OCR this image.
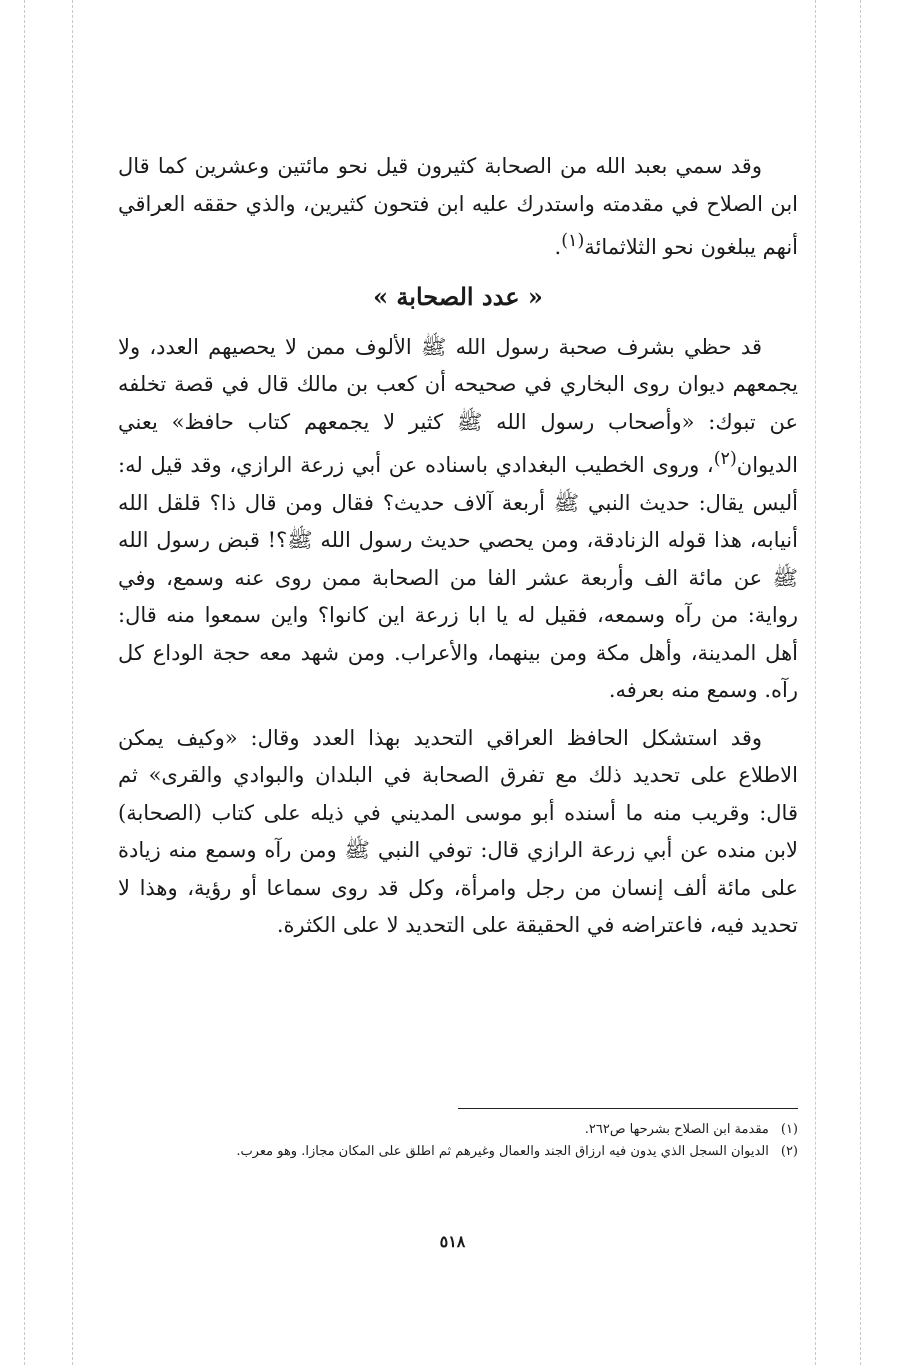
وقد سمي بعبد الله من الصحابة كثيرون قيل نحو مائتين وعشرين كما قال ابن الصلاح في مقدمته واستدرك عليه ابن فتحون كثيرين، والذي حققه العراقي أنهم يبلغون نحو الثلاثمائة$^{(١)}$.

« عدد الصحابة »

قد حظي بشرف صحبة رسول الله ﷺ الألوف ممن لا يحصيهم العدد، ولا يجمعهم ديوان روى البخاري في صحيحه أن كعب بن مالك قال في قصة تخلفه عن تبوك: «وأصحاب رسول الله ﷺ كثير لا يجمعهم كتاب حافظ» يعني الديوان$^{(٢)}$، وروى الخطيب البغدادي باسناده عن أبي زرعة الرازي، وقد قيل له: أليس يقال: حديث النبي ﷺ أربعة آلاف حديث؟ فقال ومن قال ذا؟ قلقل الله أنيابه، هذا قوله الزنادقة، ومن يحصي حديث رسول الله ﷺ؟! قبض رسول الله ﷺ عن مائة الف وأربعة عشر الفا من الصحابة ممن روى عنه وسمع، وفي رواية: من رآه وسمعه، فقيل له يا ابا زرعة اين كانوا؟ واين سمعوا منه قال: أهل المدينة، وأهل مكة ومن بينهما، والأعراب. ومن شهد معه حجة الوداع كل رآه. وسمع منه بعرفه.

وقد استشكل الحافظ العراقي التحديد بهذا العدد وقال: «وكيف يمكن الاطلاع على تحديد ذلك مع تفرق الصحابة في البلدان والبوادي والقرى» ثم قال: وقريب منه ما أسنده أبو موسى المديني في ذيله على كتاب (الصحابة) لابن منده عن أبي زرعة الرازي قال: توفي النبي ﷺ ومن رآه وسمع منه زيادة على مائة ألف إنسان من رجل وامرأة، وكل قد روى سماعا أو رؤية، وهذا لا تحديد فيه، فاعتراضه في الحقيقة على التحديد لا على الكثرة.

(١)مقدمة ابن الصلاح بشرحها ص٢٦٢.

(٢)الديوان السجل الذي يدون فيه ارزاق الجند والعمال وغيرهم ثم اطلق على المكان مجازا. وهو معرب.

٥١٨
